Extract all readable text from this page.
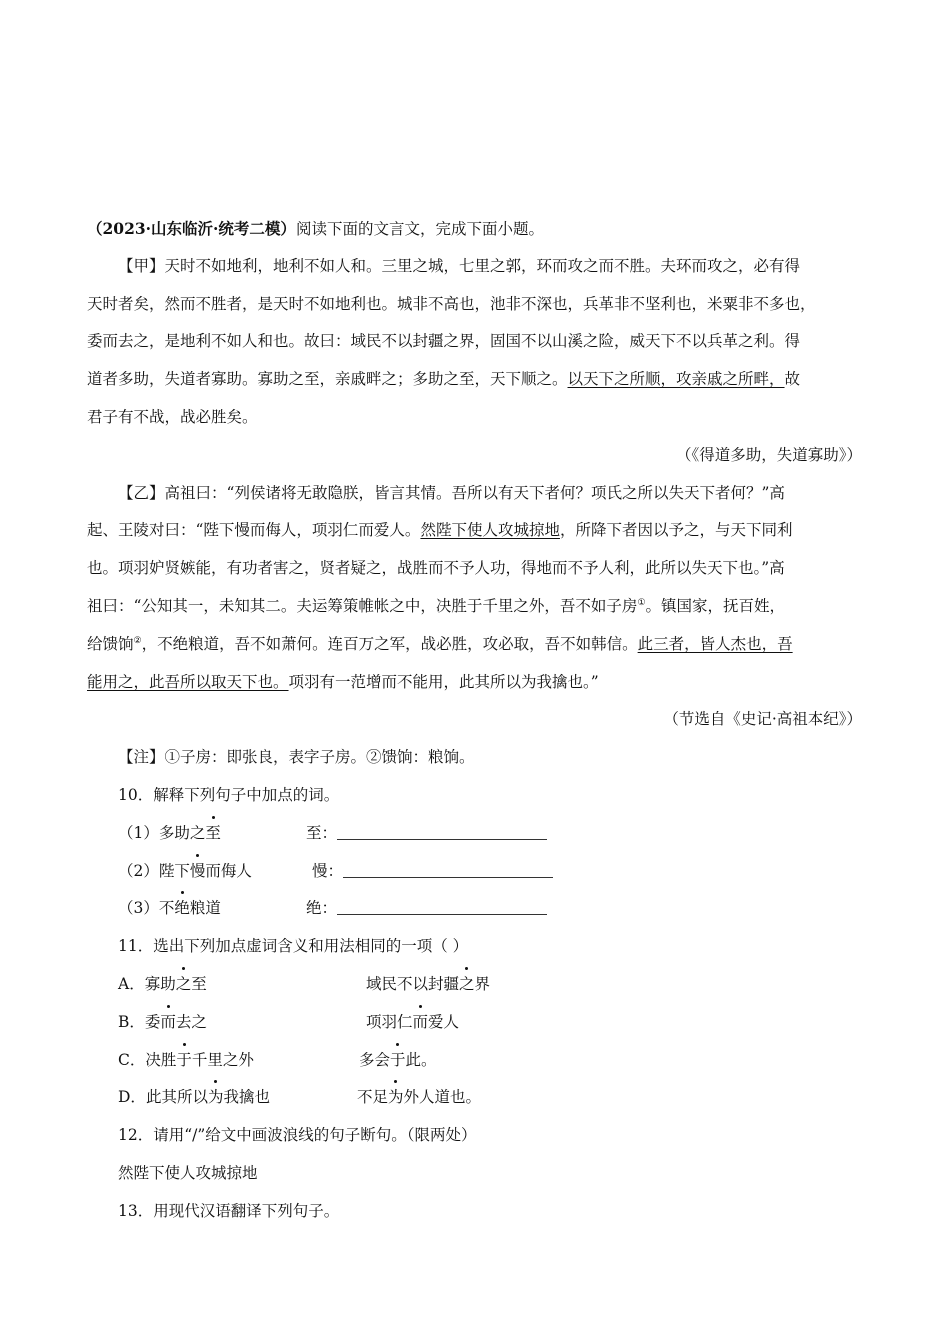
（2023·山东临沂·统考二模）阅读下面的文言文，完成下面小题。
【甲】天时不如地利，地利不如人和。三里之城，七里之郭，环而攻之而不胜。夫环而攻之，必有得
天时者矣，然而不胜者，是天时不如地利也。城非不高也，池非不深也，兵革非不坚利也，米粟非不多也，
委而去之，是地利不如人和也。故曰：域民不以封疆之界，固国不以山溪之险，威天下不以兵革之利。得
道者多助，失道者寡助。寡助之至，亲戚畔之；多助之至，天下顺之。以天下之所顺，攻亲戚之所畔，故
君子有不战，战必胜矣。
（《得道多助，失道寡助》）
【乙】高祖曰：“列侯诸将无敢隐朕，皆言其情。吾所以有天下者何？项氏之所以失天下者何？”高
起、王陵对曰：“陛下慢而侮人，项羽仁而爱人。然陛下使人攻城掠地，所降下者因以予之，与天下同利
也。项羽妒贤嫉能，有功者害之，贤者疑之，战胜而不予人功，得地而不予人利，此所以失天下也。”高
祖曰：“公知其一，未知其二。夫运筹策帷帐之中，决胜于千里之外，吾不如子房①。镇国家，抚百姓，
给馈饷②，不绝粮道，吾不如萧何。连百万之军，战必胜，攻必取，吾不如韩信。此三者，皆人杰也，吾
能用之，此吾所以取天下也。项羽有一范增而不能用，此其所以为我擒也。”
（节选自《史记·高祖本纪》）
【注】①子房：即张良，表字子房。②馈饷：粮饷。
10．解释下列句子中加点的词。
（1）多助之至	至：
（2）陛下慢而侮人	慢：
（3）不绝粮道	绝：
11．选出下列加点虚词含义和用法相同的一项（ ）
A．寡助之至	域民不以封疆之界
B．委而去之	项羽仁而爱人
C．决胜于千里之外	多会于此。
D．此其所以为我擒也	不足为外人道也。
12．请用“/”给文中画波浪线的句子断句。（限两处）
然陛下使人攻城掠地
13．用现代汉语翻译下列句子。
